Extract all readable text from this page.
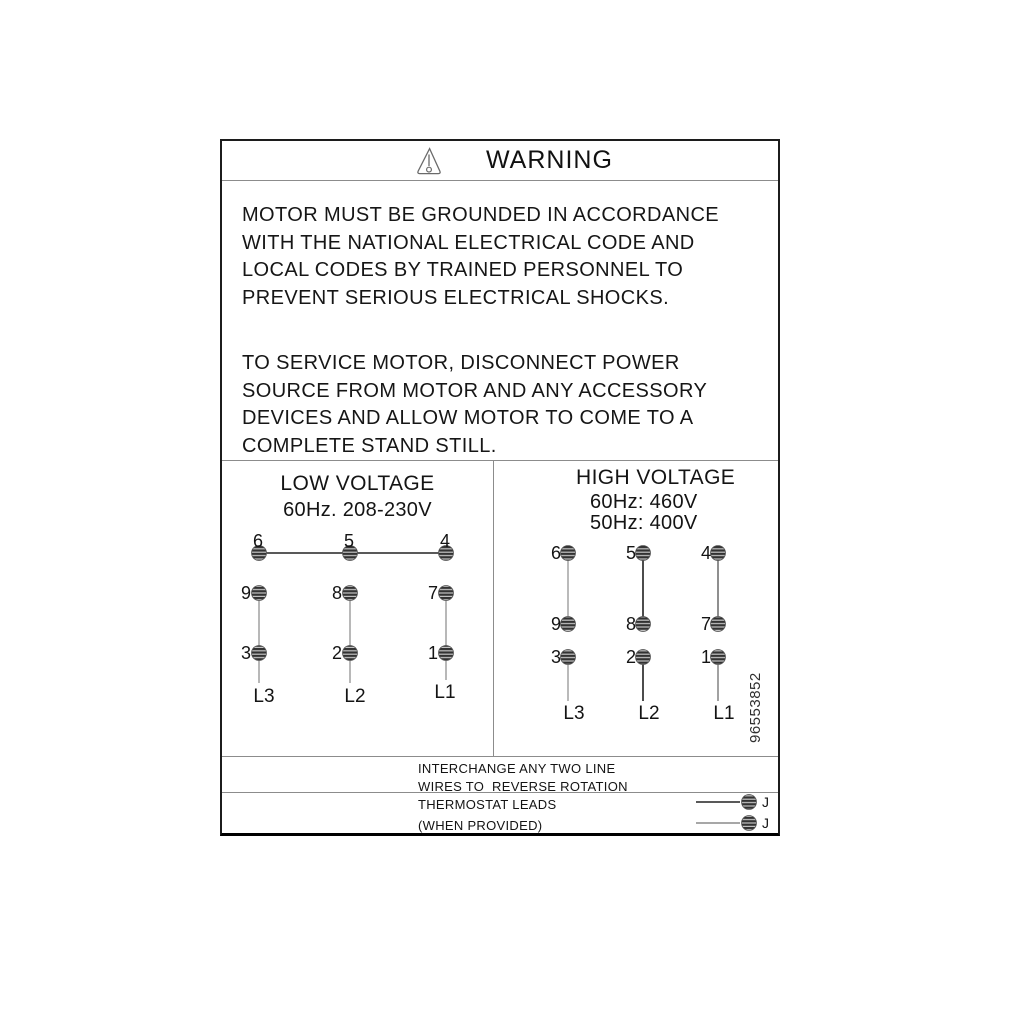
WARNING
MOTOR MUST BE GROUNDED IN ACCORDANCE
WITH THE NATIONAL ELECTRICAL CODE AND
LOCAL CODES BY TRAINED PERSONNEL TO
PREVENT SERIOUS ELECTRICAL SHOCKS.
TO SERVICE MOTOR, DISCONNECT POWER
SOURCE FROM MOTOR AND ANY ACCESSORY
DEVICES AND ALLOW MOTOR TO COME TO A
COMPLETE STAND STILL.
LOW VOLTAGE
60Hz. 208-230V
6	5	4
9	8	7
3	2	1
L3	L2	L1
HIGH VOLTAGE
60Hz: 460V
50Hz: 400V
6	5	4
9	8	7
3	2	1
L3	L2	L1 96553852
INTERCHANGE ANY TWO LINE
WIRES TO  REVERSE ROTATION
THERMOSTAT LEADS
(WHEN PROVIDED)
J
J
